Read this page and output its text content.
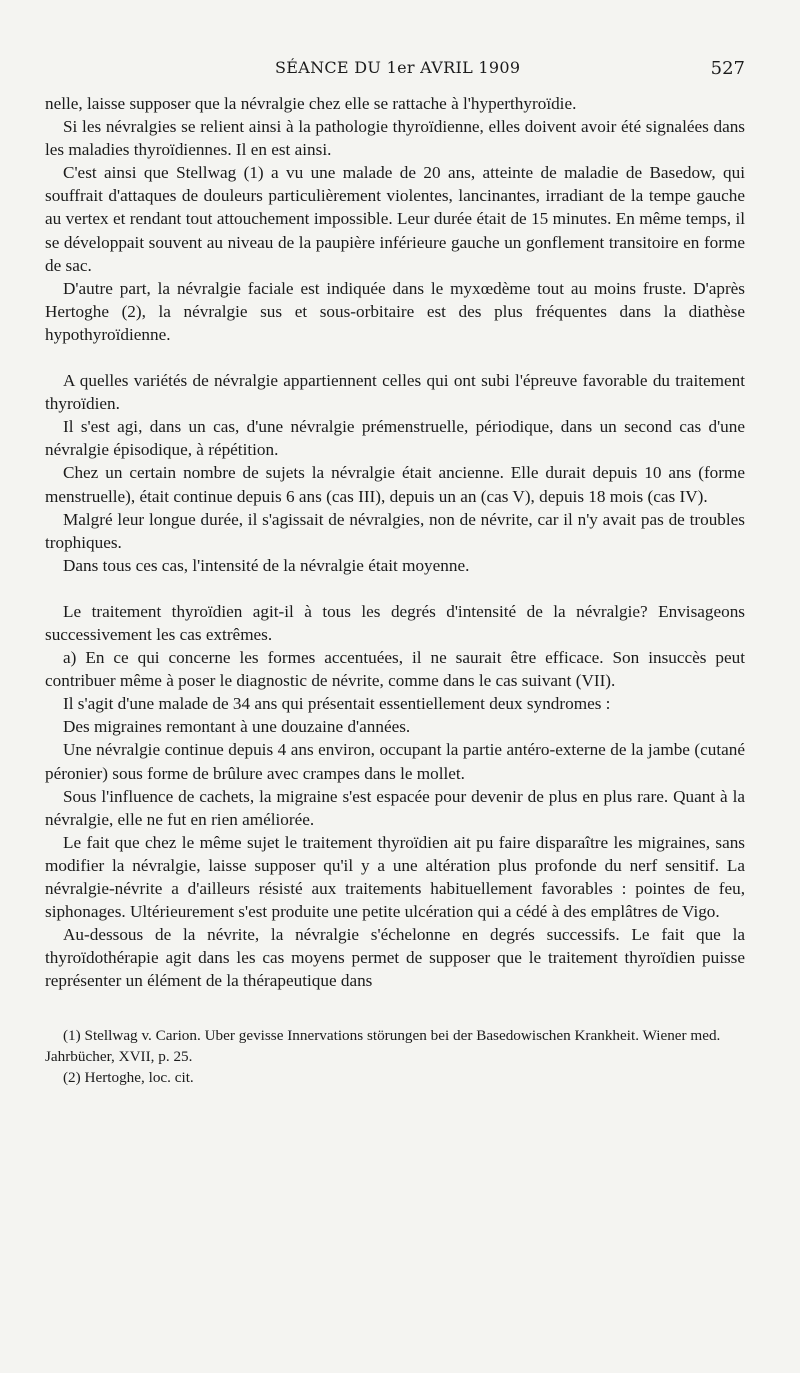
SÉANCE DU 1er AVRIL 1909	527

nelle, laisse supposer que la névralgie chez elle se rattache à l'hyperthyroïdie.

Si les névralgies se relient ainsi à la pathologie thyroïdienne, elles doivent avoir été signalées dans les maladies thyroïdiennes. Il en est ainsi.

C'est ainsi que Stellwag (1) a vu une malade de 20 ans, atteinte de maladie de Basedow, qui souffrait d'attaques de douleurs particulièrement violentes, lancinantes, irradiant de la tempe gauche au vertex et rendant tout attouchement impossible. Leur durée était de 15 minutes. En même temps, il se développait souvent au niveau de la paupière inférieure gauche un gonflement transitoire en forme de sac.

D'autre part, la névralgie faciale est indiquée dans le myxœdème tout au moins fruste. D'après Hertoghe (2), la névralgie sus et sous-orbitaire est des plus fréquentes dans la diathèse hypothyroïdienne.

A quelles variétés de névralgie appartiennent celles qui ont subi l'épreuve favorable du traitement thyroïdien.

Il s'est agi, dans un cas, d'une névralgie prémenstruelle, périodique, dans un second cas d'une névralgie épisodique, à répétition.

Chez un certain nombre de sujets la névralgie était ancienne. Elle durait depuis 10 ans (forme menstruelle), était continue depuis 6 ans (cas III), depuis un an (cas V), depuis 18 mois (cas IV).

Malgré leur longue durée, il s'agissait de névralgies, non de névrite, car il n'y avait pas de troubles trophiques.

Dans tous ces cas, l'intensité de la névralgie était moyenne.

Le traitement thyroïdien agit-il à tous les degrés d'intensité de la névralgie? Envisageons successivement les cas extrêmes.

a) En ce qui concerne les formes accentuées, il ne saurait être efficace. Son insuccès peut contribuer même à poser le diagnostic de névrite, comme dans le cas suivant (VII).

Il s'agit d'une malade de 34 ans qui présentait essentiellement deux syndromes :

Des migraines remontant à une douzaine d'années.

Une névralgie continue depuis 4 ans environ, occupant la partie antéro-externe de la jambe (cutané péronier) sous forme de brûlure avec crampes dans le mollet.

Sous l'influence de cachets, la migraine s'est espacée pour devenir de plus en plus rare. Quant à la névralgie, elle ne fut en rien améliorée.

Le fait que chez le même sujet le traitement thyroïdien ait pu faire disparaître les migraines, sans modifier la névralgie, laisse supposer qu'il y a une altération plus profonde du nerf sensitif. La névralgie-névrite a d'ailleurs résisté aux traitements habituellement favorables : pointes de feu, siphonages. Ultérieurement s'est produite une petite ulcération qui a cédé à des emplâtres de Vigo.

Au-dessous de la névrite, la névralgie s'échelonne en degrés successifs. Le fait que la thyroïdothérapie agit dans les cas moyens permet de supposer que le traitement thyroïdien puisse représenter un élément de la thérapeutique dans

(1) Stellwag v. Carion. Uber gevisse Innervations störungen bei der Basedowischen Krankheit. Wiener med. Jahrbücher, XVII, p. 25.

(2) Hertoghe, loc. cit.
